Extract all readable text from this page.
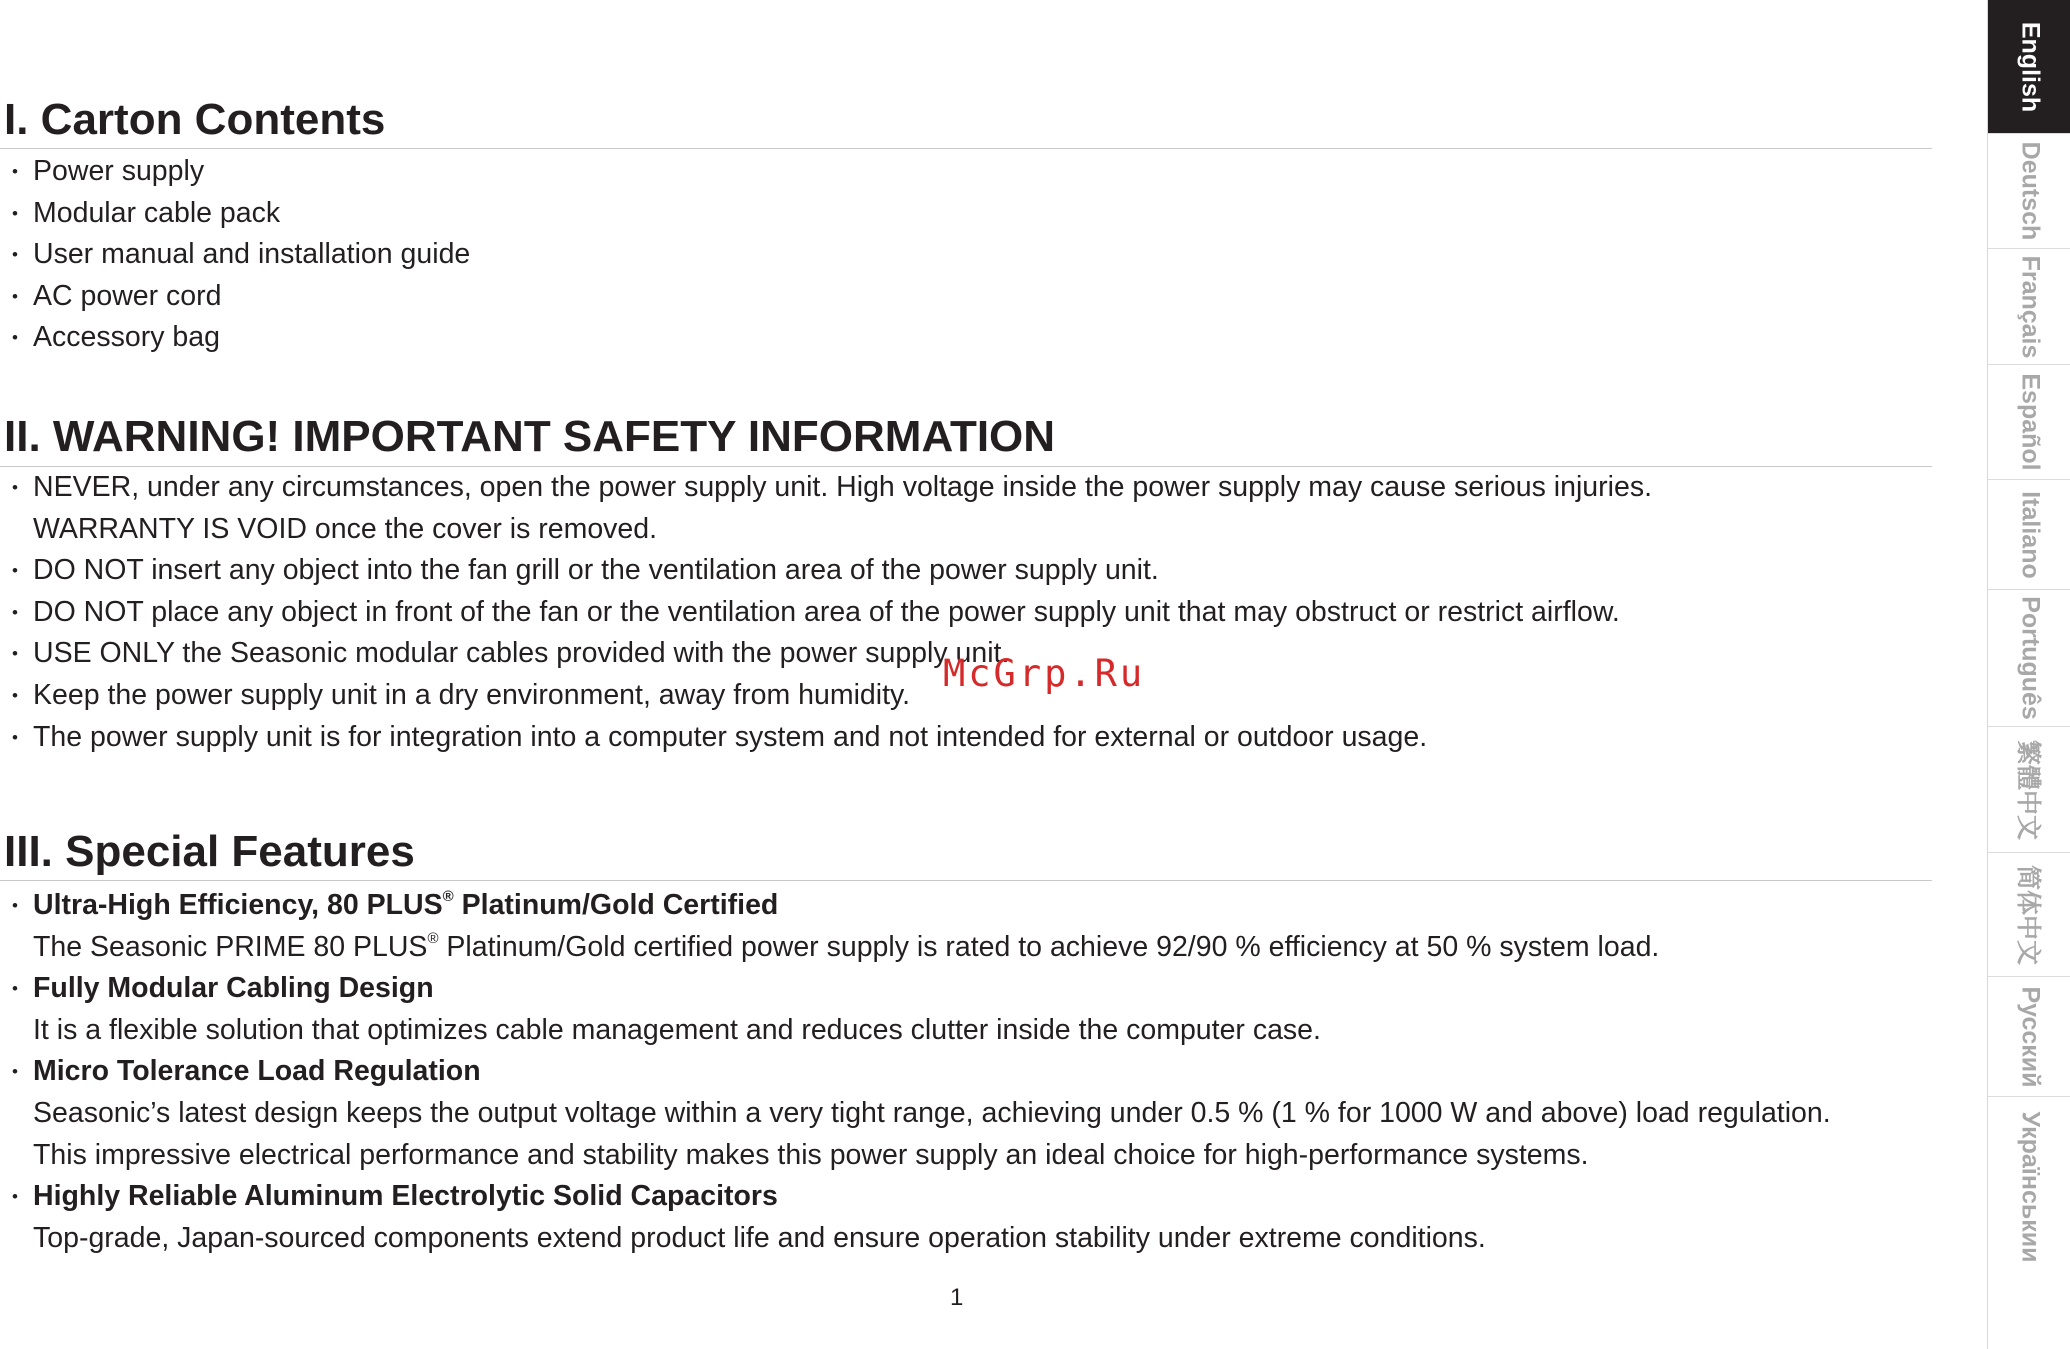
I. Carton Contents
• Power supply
• Modular cable pack
• User manual and installation guide
• AC power cord
• Accessory bag
II. WARNING! IMPORTANT SAFETY INFORMATION
• NEVER, under any circumstances, open the power supply unit. High voltage inside the power supply may cause serious injuries.
WARRANTY IS VOID once the cover is removed.
• DO NOT insert any object into the fan grill or the ventilation area of the power supply unit.
• DO NOT place any object in front of the fan or the ventilation area of the power supply unit that may obstruct or restrict airflow.
• USE ONLY the Seasonic modular cables provided with the power supply unit.
• Keep the power supply unit in a dry environment, away from humidity.
• The power supply unit is for integration into a computer system and not intended for external or outdoor usage.
III. Special Features
• Ultra-High Efficiency, 80 PLUS® Platinum/Gold Certified
The Seasonic PRIME 80 PLUS® Platinum/Gold certified power supply is rated to achieve 92/90 % efficiency at 50 % system load.
• Fully Modular Cabling Design
It is a flexible solution that optimizes cable management and reduces clutter inside the computer case.
• Micro Tolerance Load Regulation
Seasonic’s latest design keeps the output voltage within a very tight range, achieving under 0.5 % (1 % for 1000 W and above) load regulation.
This impressive electrical performance and stability makes this power supply an ideal choice for high-performance systems.
• Highly Reliable Aluminum Electrolytic Solid Capacitors
Top-grade, Japan-sourced components extend product life and ensure operation stability under extreme conditions.
1
McGrp.Ru
English
Deutsch
Français
Español
Italiano
Português
繁體中文
简体中文
Русский
Українськии
